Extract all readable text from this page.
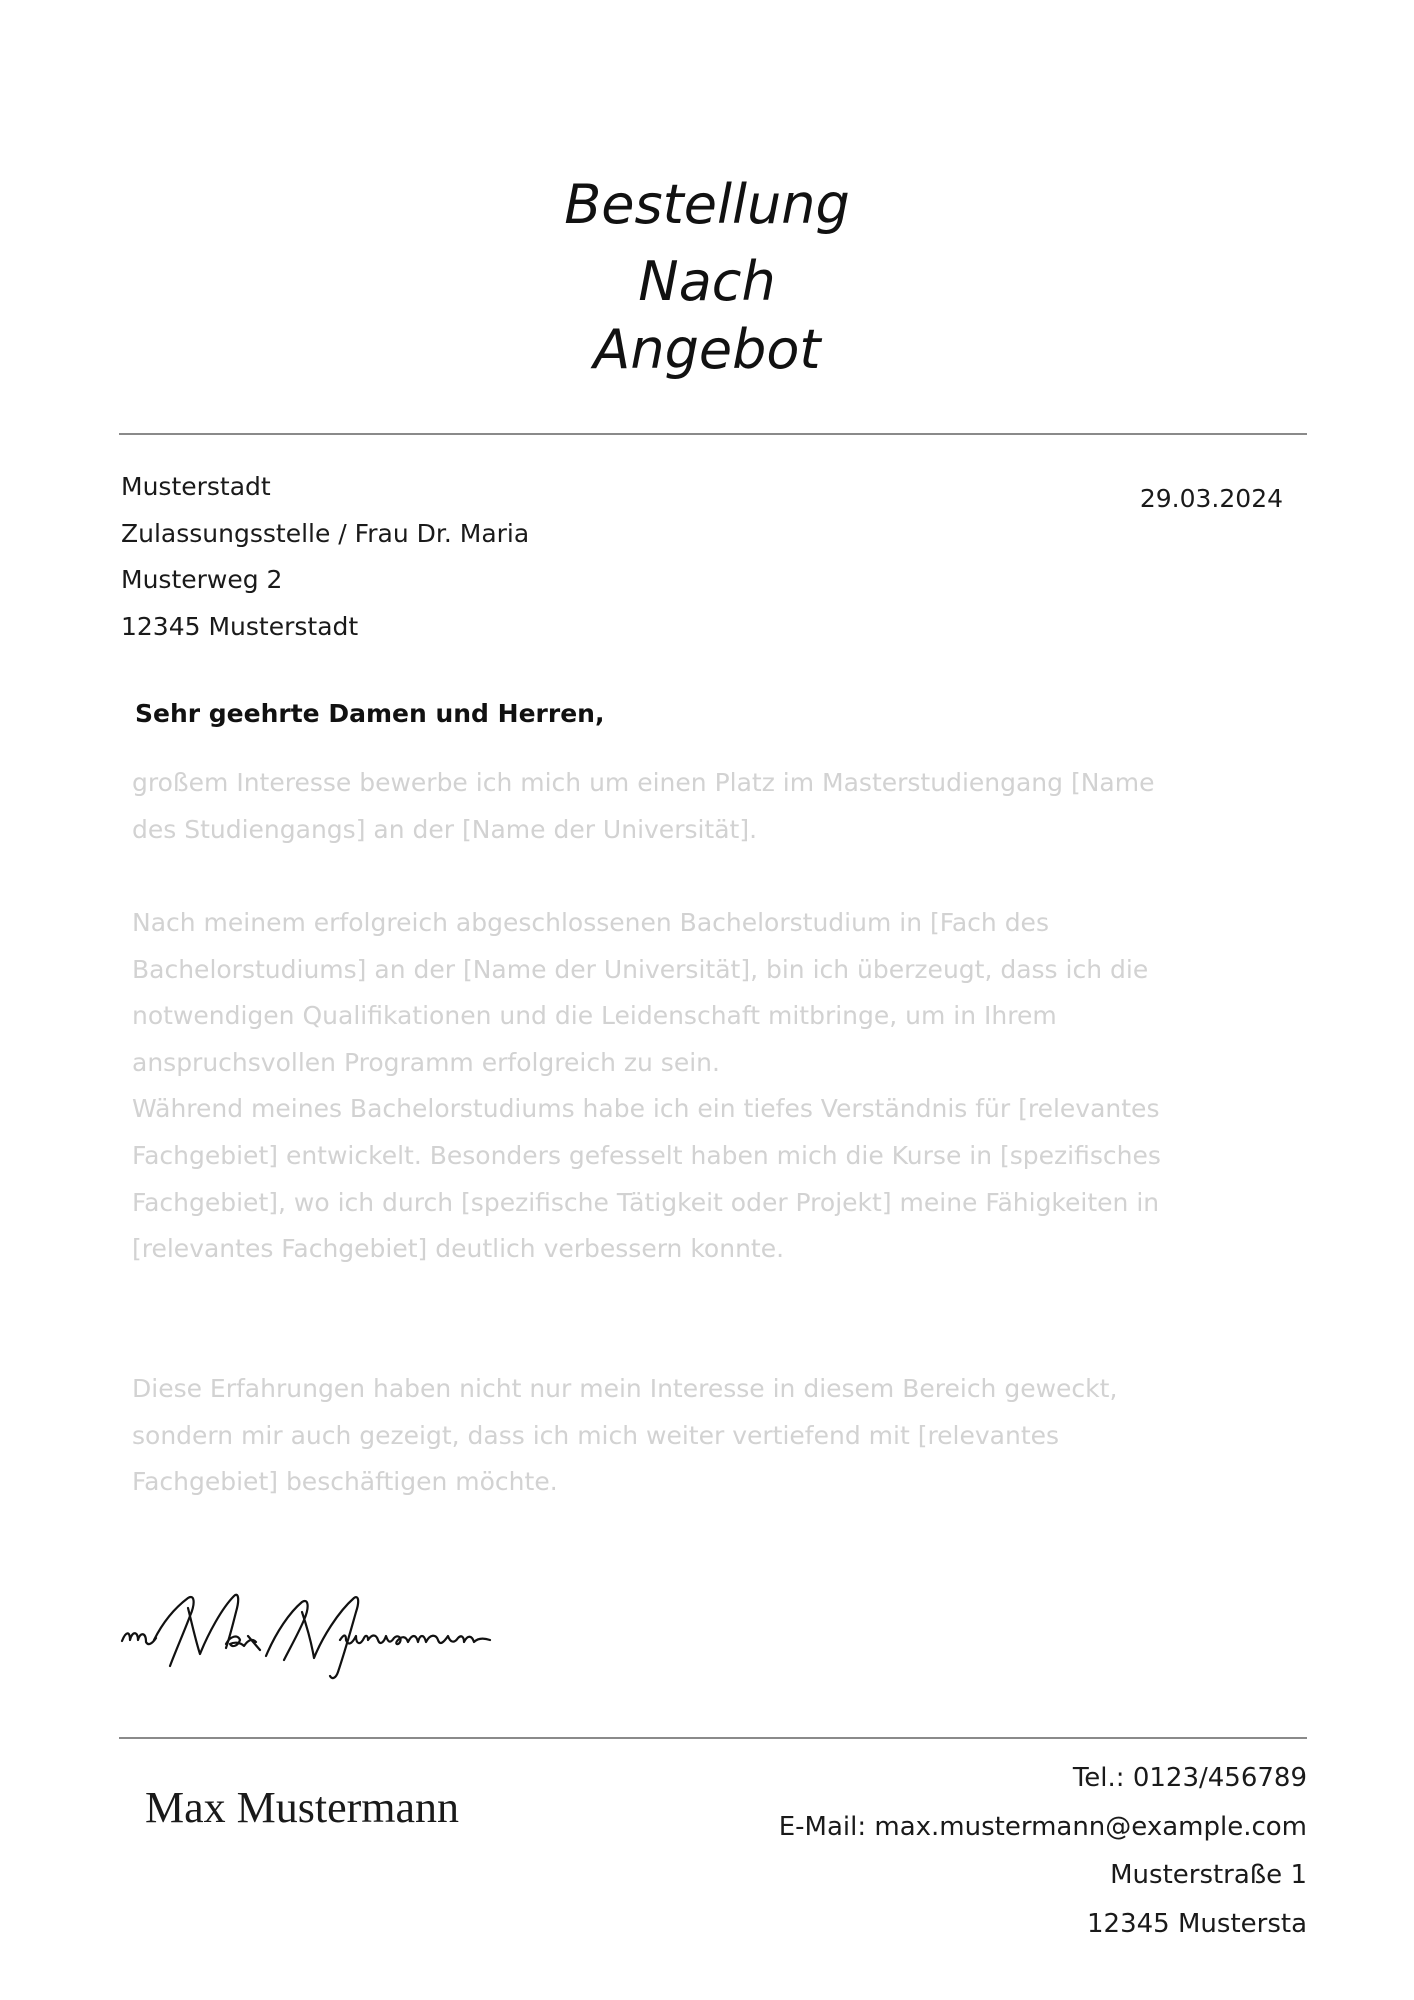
Bestellung
Nach
Angebot
Musterstadt
Zulassungsstelle / Frau Dr. Maria
Musterweg 2
12345 Musterstadt
29.03.2024
Sehr geehrte Damen und Herren,
großem Interesse bewerbe ich mich um einen Platz im Masterstudiengang [Name
des Studiengangs] an der [Name der Universität].
Nach meinem erfolgreich abgeschlossenen Bachelorstudium in [Fach des
Bachelorstudiums] an der [Name der Universität], bin ich überzeugt, dass ich die
notwendigen Qualifikationen und die Leidenschaft mitbringe, um in Ihrem
anspruchsvollen Programm erfolgreich zu sein.
Während meines Bachelorstudiums habe ich ein tiefes Verständnis für [relevantes
Fachgebiet] entwickelt. Besonders gefesselt haben mich die Kurse in [spezifisches
Fachgebiet], wo ich durch [spezifische Tätigkeit oder Projekt] meine Fähigkeiten in
[relevantes Fachgebiet] deutlich verbessern konnte.
Diese Erfahrungen haben nicht nur mein Interesse in diesem Bereich geweckt,
sondern mir auch gezeigt, dass ich mich weiter vertiefend mit [relevantes
Fachgebiet] beschäftigen möchte.
Max Mustermann
Tel.: 0123/456789
E-Mail: max.mustermann@example.com
Musterstraße 1
12345 Mustersta
